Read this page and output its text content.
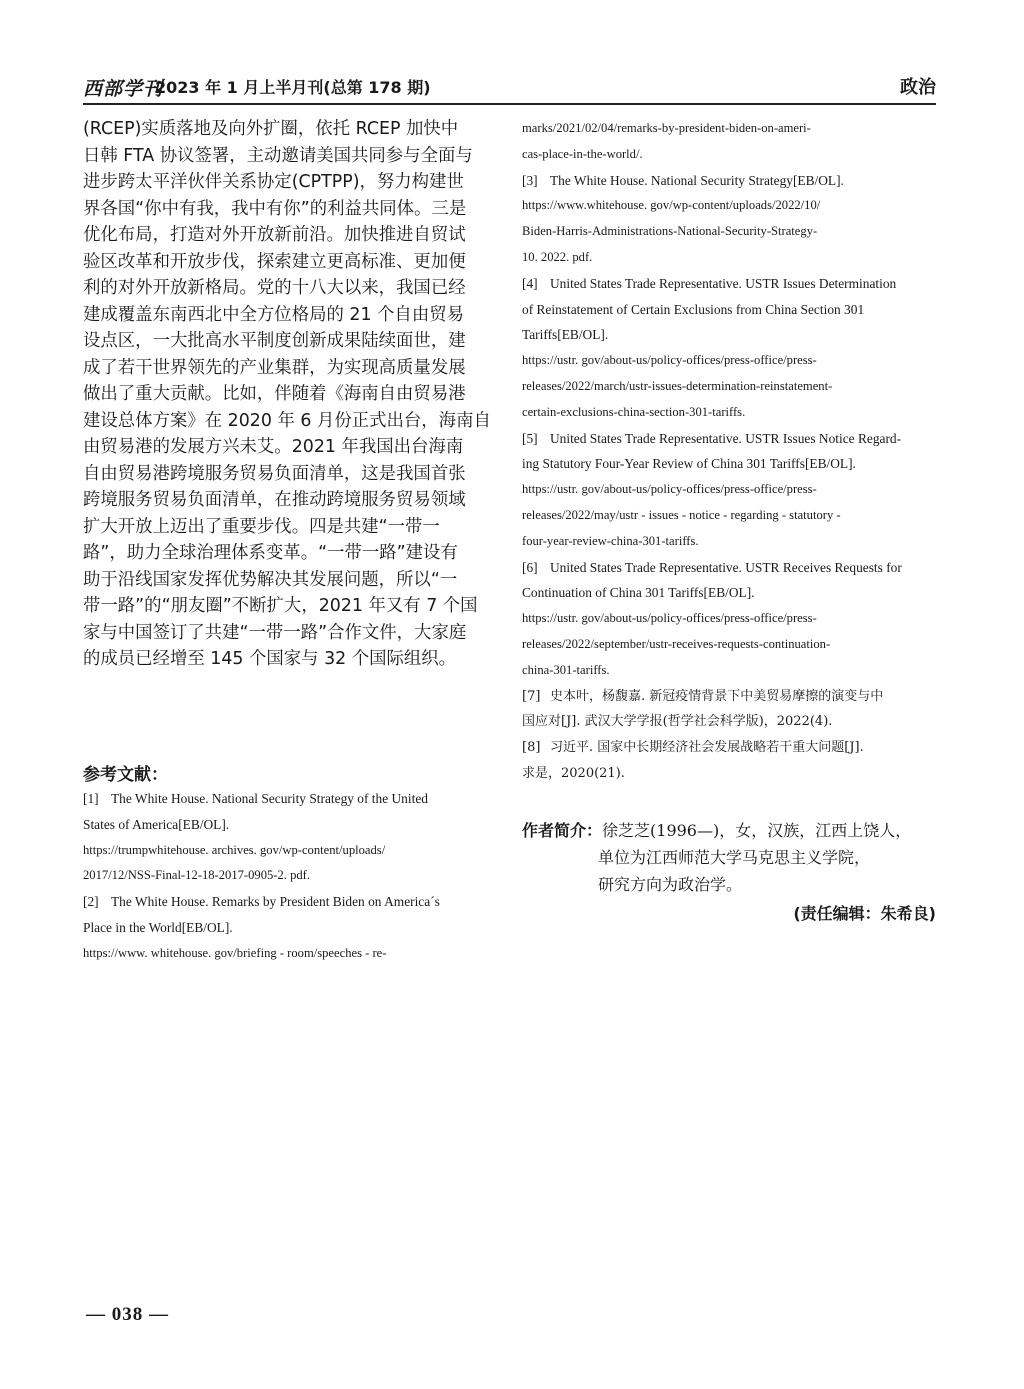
西部学刊
2023 年 1 月上半月刊(总第 178 期)	政治

(RCEP)实质落地及向外扩圈，依托 RCEP 加快中

日韩 FTA 协议签署，主动邀请美国共同参与全面与

进步跨太平洋伙伴关系协定(CPTPP)，努力构建世

界各国“你中有我，我中有你”的利益共同体。三是

优化布局，打造对外开放新前沿。加快推进自贸试

验区改革和开放步伐，探索建立更高标准、更加便

利的对外开放新格局。党的十八大以来，我国已经

建成覆盖东南西北中全方位格局的 21 个自由贸易

设点区，一大批高水平制度创新成果陆续面世，建

成了若干世界领先的产业集群，为实现高质量发展

做出了重大贡献。比如，伴随着《海南自由贸易港

建设总体方案》在 2020 年 6 月份正式出台，海南自

由贸易港的发展方兴未艾。2021 年我国出台海南

自由贸易港跨境服务贸易负面清单，这是我国首张

跨境服务贸易负面清单，在推动跨境服务贸易领域

扩大开放上迈出了重要步伐。四是共建“一带一

路”，助力全球治理体系变革。“一带一路”建设有

助于沿线国家发挥优势解决其发展问题，所以“一

带一路”的“朋友圈”不断扩大，2021 年又有 7 个国

家与中国签订了共建“一带一路”合作文件，大家庭

的成员已经增至 145 个国家与 32 个国际组织。

参考文献：
[1] The White House. National Security Strategy of the United
States of America[EB/OL].
https://trumpwhitehouse. archives. gov/wp-content/uploads/
2017/12/NSS-Final-12-18-2017-0905-2. pdf.
[2] The White House. Remarks by President Biden on America´s
Place in the World[EB/OL].
https://www. whitehouse. gov/briefing - room/speeches - re-
marks/2021/02/04/remarks-by-president-biden-on-ameri-
cas-place-in-the-world/.
[3] The White House. National Security Strategy[EB/OL].
https://www.whitehouse. gov/wp-content/uploads/2022/10/
Biden-Harris-Administrations-National-Security-Strategy-
10. 2022. pdf.
[4] United States Trade Representative. USTR Issues Determination
of Reinstatement of Certain Exclusions from China Section 301
Tariffs[EB/OL].
https://ustr. gov/about-us/policy-offices/press-office/press-
releases/2022/march/ustr-issues-determination-reinstatement-
certain-exclusions-china-section-301-tariffs.
[5] United States Trade Representative. USTR Issues Notice Regard-
ing Statutory Four-Year Review of China 301 Tariffs[EB/OL].
https://ustr. gov/about-us/policy-offices/press-office/press-
releases/2022/may/ustr - issues - notice - regarding - statutory -
four-year-review-china-301-tariffs.
[6] United States Trade Representative. USTR Receives Requests for
Continuation of China 301 Tariffs[EB/OL].
https://ustr. gov/about-us/policy-offices/press-office/press-
releases/2022/september/ustr-receives-requests-continuation-
china-301-tariffs.
[7] 史本叶，杨馥嘉. 新冠疫情背景下中美贸易摩擦的演变与中
国应对[J]. 武汉大学学报(哲学社会科学版)，2022(4).
[8] 习近平. 国家中长期经济社会发展战略若干重大问题[J].
求是，2020(21).
作者简介： 徐芝芝(1996—)，女，汉族，江西上饶人，
单位为江西师范大学马克思主义学院，
研究方向为政治学。
(责任编辑：朱希良)
— 038 —
